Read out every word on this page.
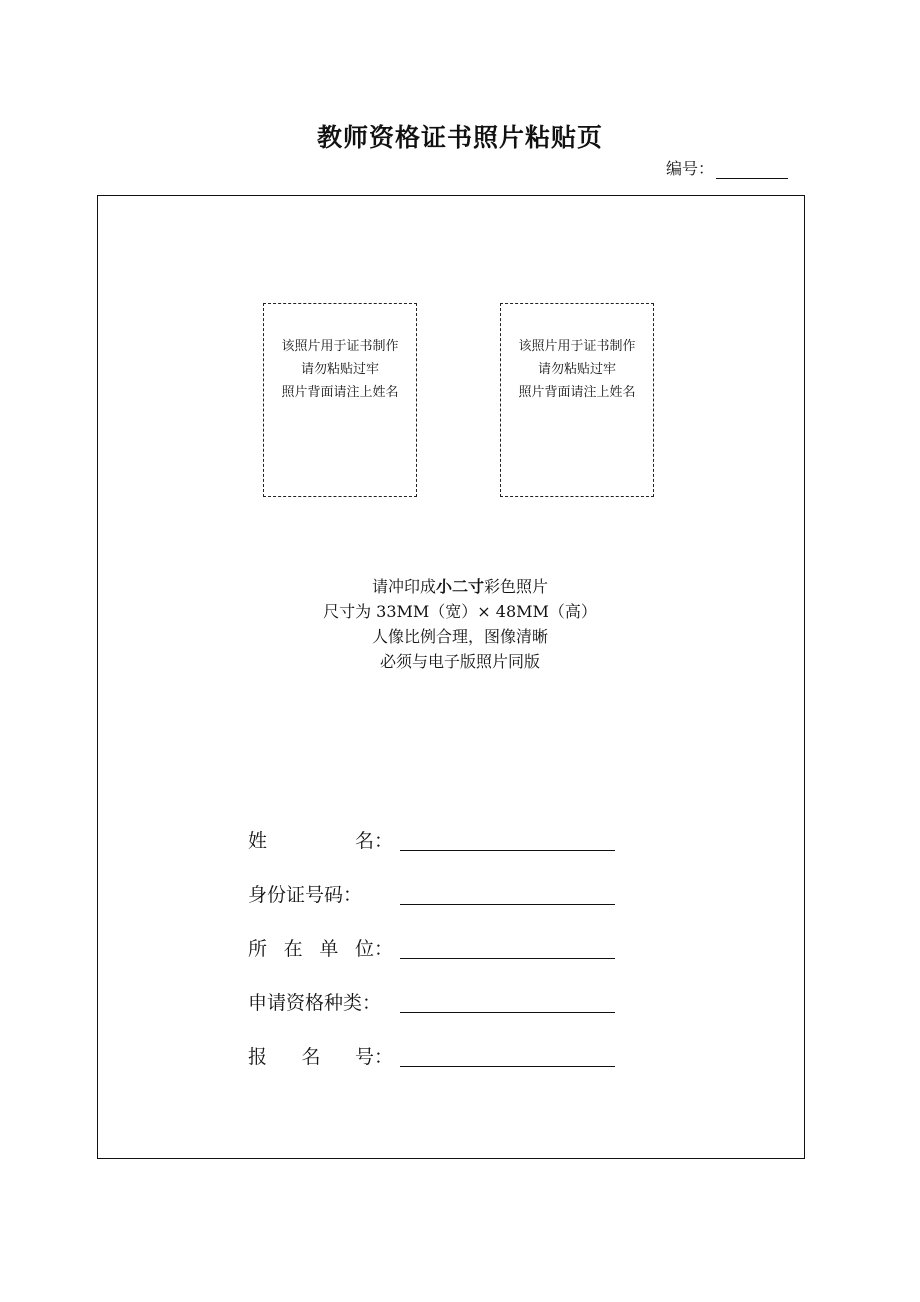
教师资格证书照片粘贴页
编号：
该照片用于证书制作
请勿粘贴过牢
照片背面请注上姓名
该照片用于证书制作
请勿粘贴过牢
照片背面请注上姓名
请冲印成小二寸彩色照片
尺寸为 33MM（宽）× 48MM（高）
人像比例合理，图像清晰
必须与电子版照片同版
姓	名 ：
身份证号码：
所 在 单 位 ：
申请资格种类：
报 名 号 ：
